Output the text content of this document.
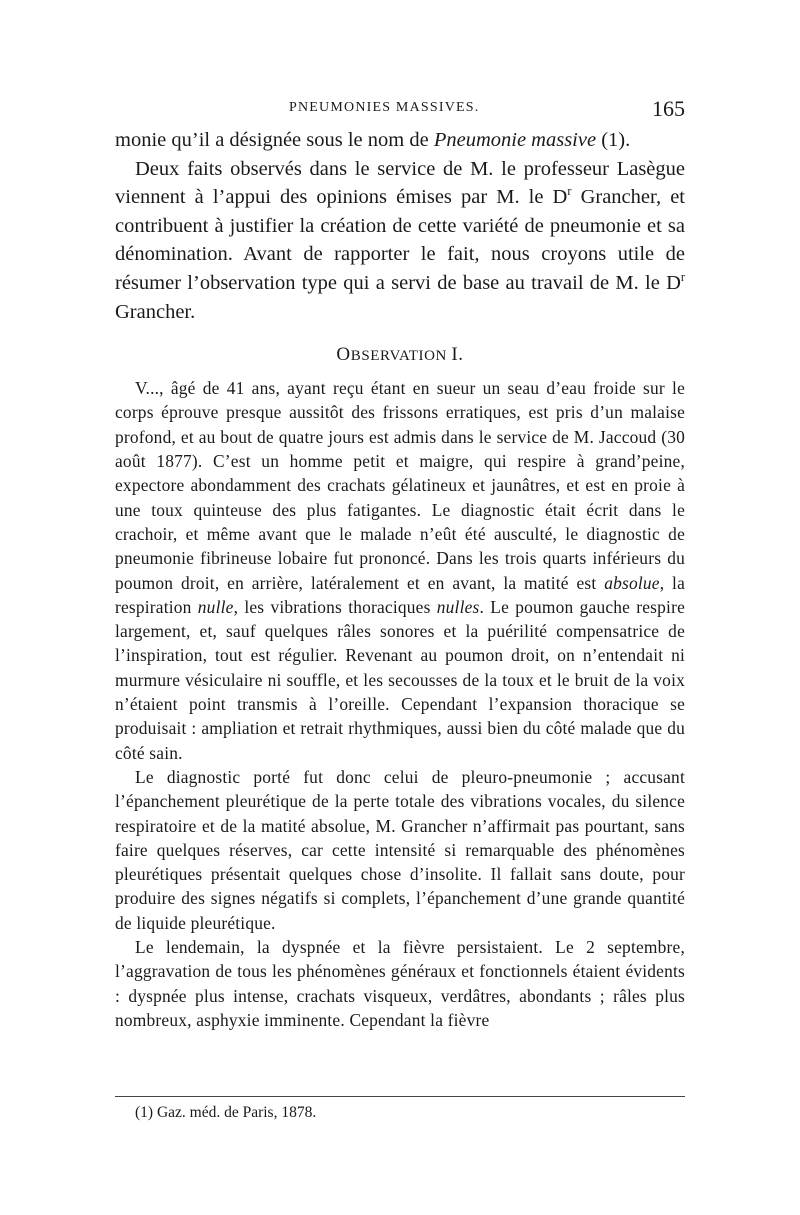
PNEUMONIES MASSIVES.	165

monie qu’il a désignée sous le nom de Pneumonie massive (1).

Deux faits observés dans le service de M. le professeur Lasègue viennent à l’appui des opinions émises par M. le $D^r$ Grancher, et contribuent à justifier la création de cette variété de pneumonie et sa dénomination. Avant de rapporter le fait, nous croyons utile de résumer l’observation type qui a servi de base au travail de M. le $D^r$ Grancher.

OBSERVATION I.

V..., âgé de 41 ans, ayant reçu étant en sueur un seau d’eau froide sur le corps éprouve presque aussitôt des frissons erratiques, est pris d’un malaise profond, et au bout de quatre jours est admis dans le service de M. Jaccoud (30 août 1877). C’est un homme petit et maigre, qui respire à grand’peine, expectore abondamment des crachats gélatineux et jaunâtres, et est en proie à une toux quinteuse des plus fatigantes. Le diagnostic était écrit dans le crachoir, et même avant que le malade n’eût été ausculté, le diagnostic de pneumonie fibrineuse lobaire fut prononcé. Dans les trois quarts inférieurs du poumon droit, en arrière, latéralement et en avant, la matité est absolue, la respiration nulle, les vibrations thoraciques nulles. Le poumon gauche respire largement, et, sauf quelques râles sonores et la puérilité compensatrice de l’inspiration, tout est régulier. Revenant au poumon droit, on n’entendait ni murmure vésiculaire ni souffle, et les secousses de la toux et le bruit de la voix n’étaient point transmis à l’oreille. Cependant l’expansion thoracique se produisait : ampliation et retrait rhythmiques, aussi bien du côté malade que du côté sain.

Le diagnostic porté fut donc celui de pleuro-pneumonie ; accusant l’épanchement pleurétique de la perte totale des vibrations vocales, du silence respiratoire et de la matité absolue, M. Grancher n’affirmait pas pourtant, sans faire quelques réserves, car cette intensité si remarquable des phénomènes pleurétiques présentait quelques chose d’insolite. Il fallait sans doute, pour produire des signes négatifs si complets, l’épanchement d’une grande quantité de liquide pleurétique.

Le lendemain, la dyspnée et la fièvre persistaient. Le 2 septembre, l’aggravation de tous les phénomènes généraux et fonctionnels étaient évidents : dyspnée plus intense, crachats visqueux, verdâtres, abondants ; râles plus nombreux, asphyxie imminente. Cependant la fièvre

(1) Gaz. méd. de Paris, 1878.
